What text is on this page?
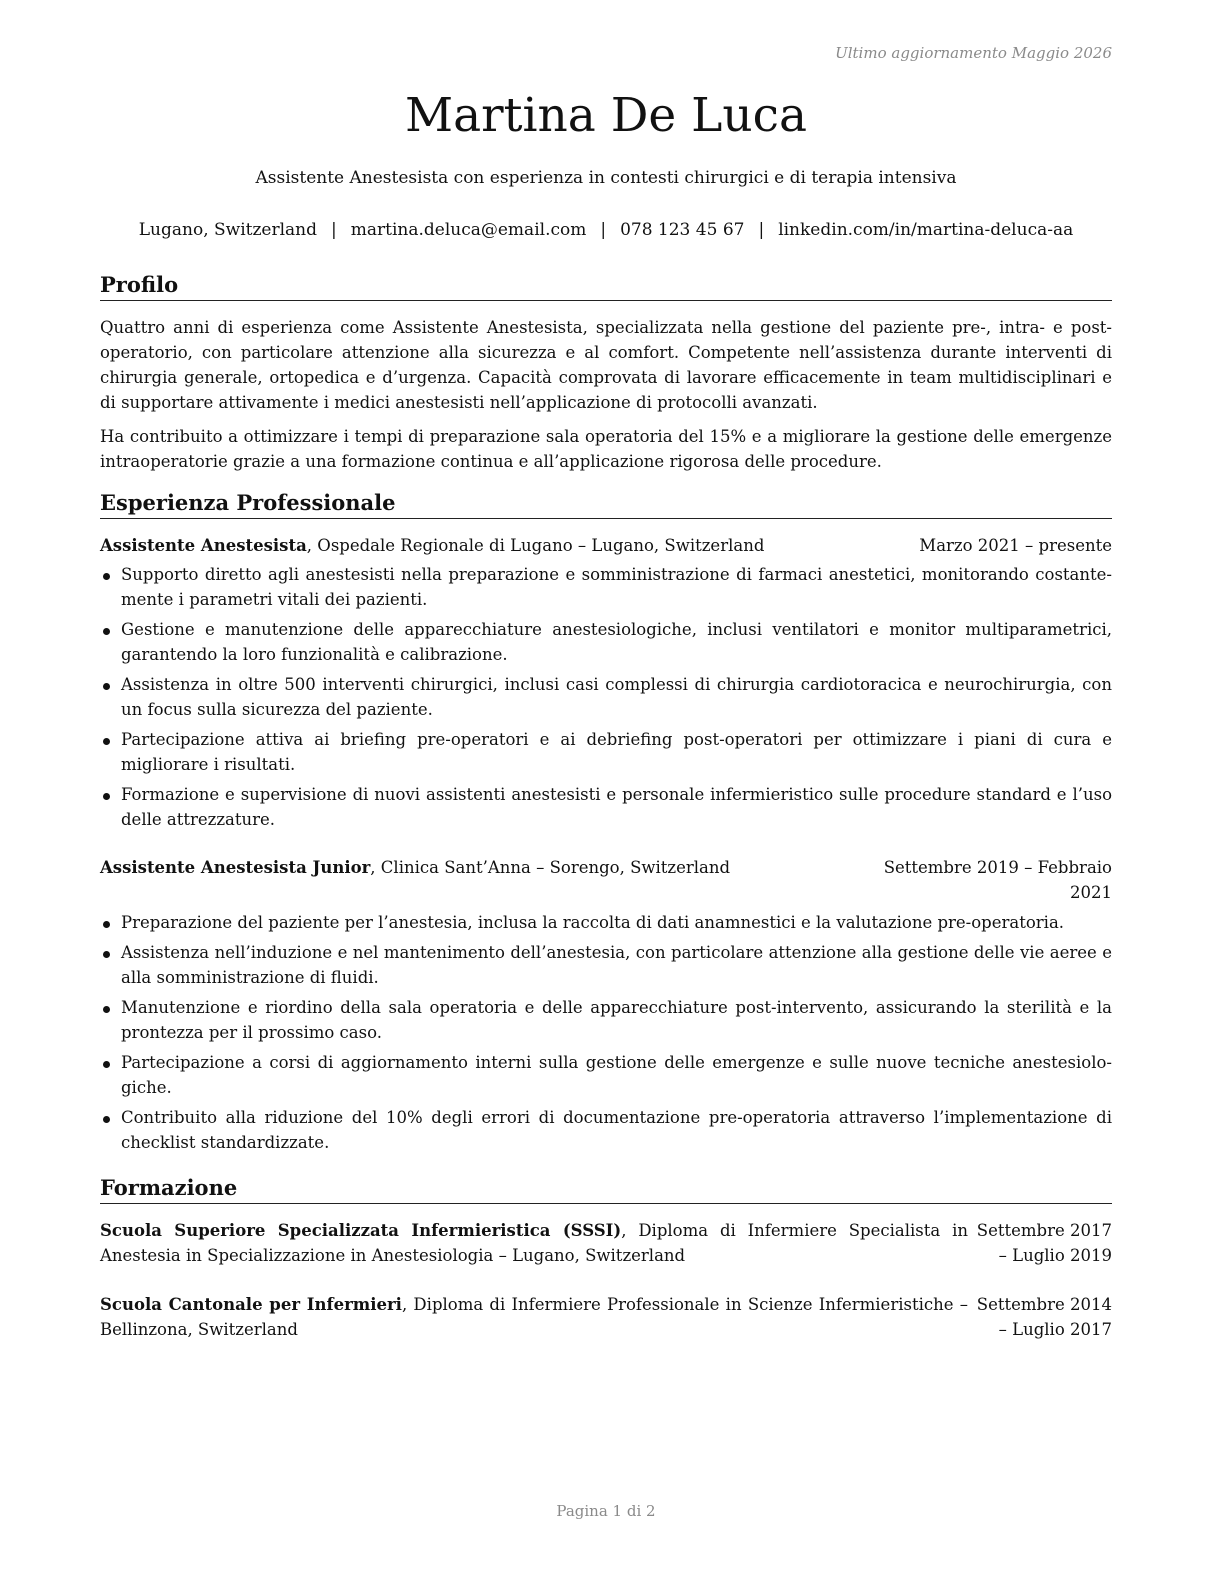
Ultimo aggiornamento Maggio 2026
Martina De Luca
Assistente Anestesista con esperienza in contesti chirurgici e di terapia intensiva
Lugano, Switzerland | martina.deluca@email.com | 078 123 45 67 | linkedin.com/in/martina-deluca-aa
Profilo

Quattro anni di esperienza come Assistente Anestesista, specializzata nella gestione del paziente pre-, intra- e post-operatorio, con particolare attenzione alla sicurezza e al comfort. Competente nell’assistenza durante interventi di chirurgia generale, ortopedica e d’urgenza. Capacità comprovata di lavorare efficacemente in team multidisciplinari e di supportare attivamente i medici anestesisti nell’applicazione di protocolli avanzati.

Ha contribuito a ottimizzare i tempi di preparazione sala operatoria del 15% e a migliorare la gestione delle emergenze intraoperatorie grazie a una formazione continua e all’applicazione rigorosa delle procedure.

Esperienza Professionale
Assistente Anestesista, Ospedale Regionale di Lugano – Lugano, Switzerland	Marzo 2021 – presente
Supporto diretto agli anestesisti nella preparazione e somministrazione di farmaci anestetici, monitorando costantemente i parametri vitali dei pazienti.
Gestione e manutenzione delle apparecchiature anestesiologiche, inclusi ventilatori e monitor multiparametrici, garantendo la loro funzionalità e calibrazione.
Assistenza in oltre 500 interventi chirurgici, inclusi casi complessi di chirurgia cardiotoracica e neurochirurgia, con un focus sulla sicurezza del paziente.
Partecipazione attiva ai briefing pre-operatori e ai debriefing post-operatori per ottimizzare i piani di cura e migliorare i risultati.
Formazione e supervisione di nuovi assistenti anestesisti e personale infermieristico sulle procedure standard e l’uso delle attrezzature.
Assistente Anestesista Junior, Clinica Sant’Anna – Sorengo, Switzerland	Settembre 2019 – Febbraio 2021
Preparazione del paziente per l’anestesia, inclusa la raccolta di dati anamnestici e la valutazione pre-operatoria.
Assistenza nell’induzione e nel mantenimento dell’anestesia, con particolare attenzione alla gestione delle vie aeree e alla somministrazione di fluidi.
Manutenzione e riordino della sala operatoria e delle apparecchiature post-intervento, assicurando la sterilità e la prontezza per il prossimo caso.
Partecipazione a corsi di aggiornamento interni sulla gestione delle emergenze e sulle nuove tecniche anestesiologiche.
Contribuito alla riduzione del 10% degli errori di documentazione pre-operatoria attraverso l’implementazione di checklist standardizzate.
Formazione
Scuola Superiore Specializzata Infermieristica (SSSI), Diploma di Infermiere Specialista in Anestesia in Specializzazione in Anestesiologia – Lugano, Switzerland
Settembre 2017 – Luglio 2019
Scuola Cantonale per Infermieri, Diploma di Infermiere Professionale in Scienze Infermieristiche – Bellinzona, Switzerland
Settembre 2014 – Luglio 2017
Pagina 1 di 2
